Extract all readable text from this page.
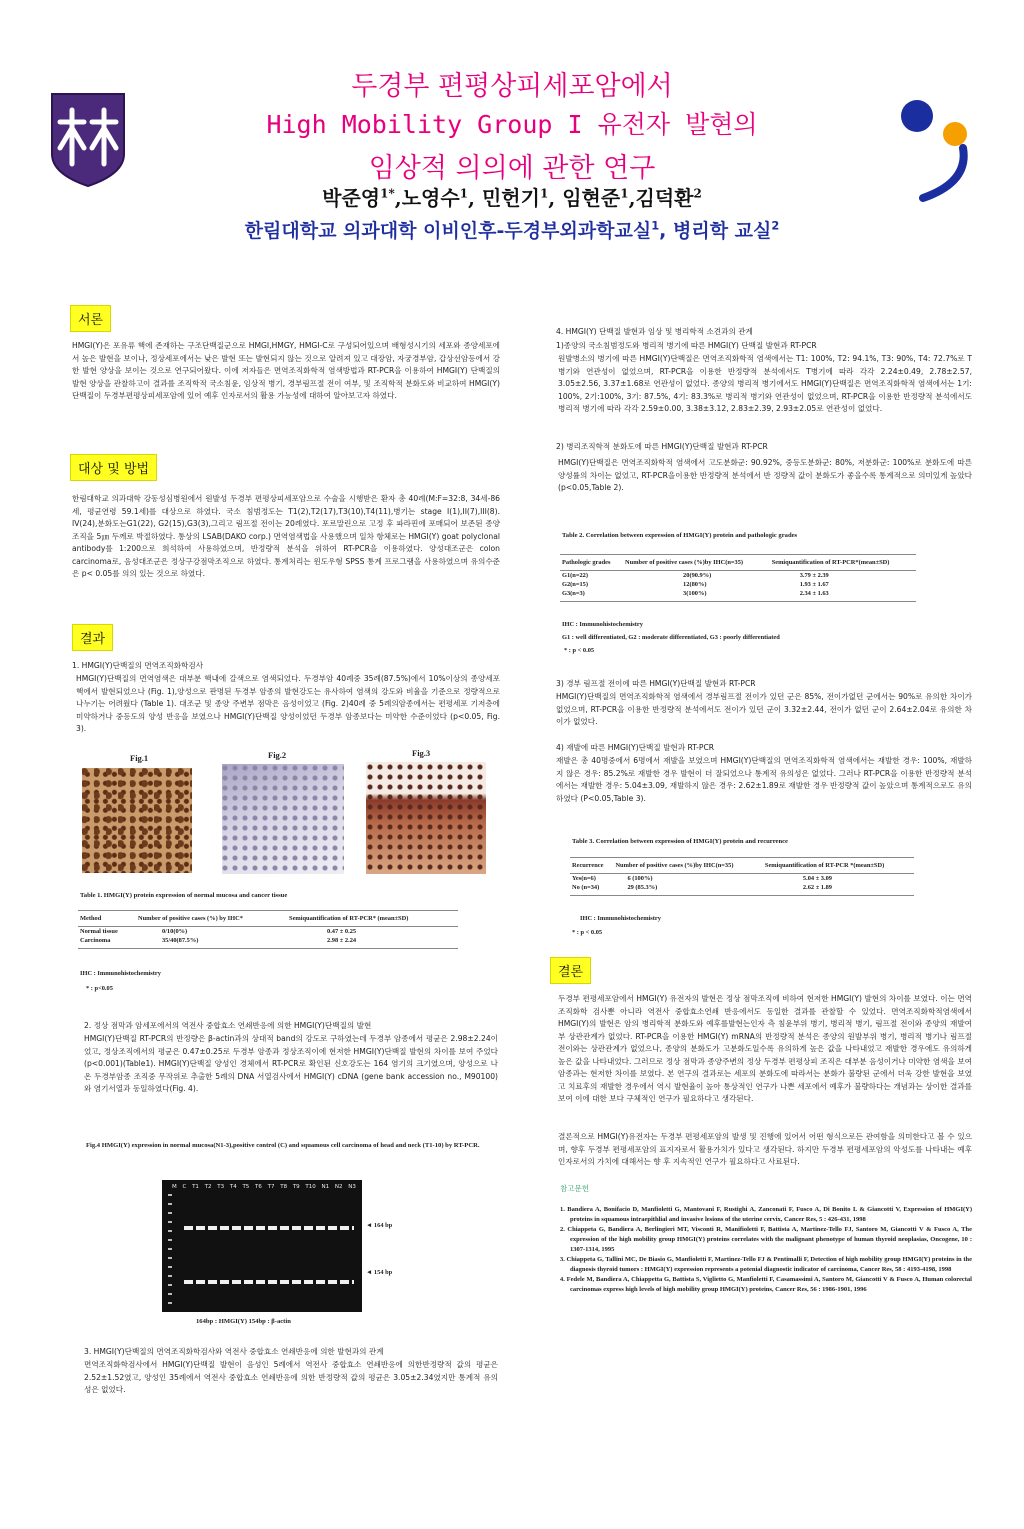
두경부 편평상피세포암에서
High Mobility Group I 유전자 발현의
임상적 의의에 관한 연구
박준영$^{1*}$,노영수$^1$, 민헌기$^1$, 임현준$^1$,김덕환$^2$
한림대학교 의과대학 이비인후-두경부외과학교실$^1$, 병리학 교실$^2$
서론
HMGI(Y)은 포유류 핵에 존재하는 구조단백질군으로 HMGI,HMGY, HMGI-C로 구성되어있으며 배형성시기의 세포와 종양세포에서 높은 발현을 보이나, 정상세포에서는 낮은 발현 또는 발현되지 않는 것으로 알려져 있고 대장암, 자궁경부암, 갑상선암등에서 강한 발현 양상을 보이는 것으로 연구되어왔다. 이에 저자들은 면역조직화학적 염색방법과 RT-PCR을 이용하여 HMGI(Y) 단백질의 발현 양상을 관찰하고이 결과를 조직학적 국소침윤, 임상적 병기, 경부림프절 전이 여부, 및 조직학적 분화도와 비교하여 HMGI(Y)단백질이 두경부편평상피세포암에 있어 예후 인자로서의 활용 가능성에 대하여 알아보고자 하였다.
대상 및 방법
한림대학교 의과대학 강동성심병원에서 원발성 두경부 편평상피세포암으로 수술을 시행받은 환자 총 40례(M:F=32:8, 34세-86세, 평균연령 59.1세)를 대상으로 하였다. 국소 침범정도는 T1(2),T2(17),T3(10),T4(11),병기는 stage I(1),II(7),III(8). IV(24),분화도는G1(22), G2(15),G3(3),그리고 림프절 전이는 20례였다. 포르말린으로 고정 후 파라핀에 포매되어 보존된 종양 조직을 5㎛ 두께로 박절하였다. 통상의 LSAB(DAKO corp.) 면역염색법을 사용했으며 일차 항체로는 HMGI(Y) goat polyclonal antibody를 1:200으로 희석하여 사용하였으며, 반정량적 분석을 위하여 RT-PCR을 이용하였다. 양성대조군은 colon carcinoma로, 음성대조군은 정상구강점막조직으로 하였다. 통계처리는 윈도우형 SPSS 통계 프로그램을 사용하였으며 유의수준은 p< 0.05를 의의 있는 것으로 하였다.
결과
1. HMGI(Y)단백질의 면역조직화학검사
HMGI(Y)단백질의 면역염색은 대부분 핵내에 갈색으로 염색되었다. 두경부암 40례중 35례(87.5%)에서 10%이상의 종양세포 핵에서 발현되었으나 (Fig. 1),양성으로 판명된 두경부 암종의 발현강도는 유사하여 염색의 강도와 비율을 기준으로 정량적으로 나누기는 어려웠다 (Table 1). 대조군 및 종양 주변부 점막은 음성이었고 (Fig. 2)40례 중 5례의암종에서는 편평세포 기저층에 미약하거나 중등도의 양성 반응을 보였으나 HMGI(Y)단백질 양성이었던 두경부 암종보다는 미약한 수준이었다 (p<0.05, Fig. 3).
Fig.1	Fig.2	Fig.3
Table 1. HMGI(Y) protein expression of normal mucosa and cancer tissue
Method	Number of positive cases (%) by IHC*	Semiquantification of RT-PCR* (mean±SD)
Normal tissue	0/10(0%)	0.47 ± 0.25
Carcinoma	35/40(87.5%)	2.98 ± 2.24
IHC : Immunohistochemistry
* : p<0.05
2. 정상 점막과 암세포에서의 역전사 중합효소 연쇄반응에 의한 HMGI(Y)단백질의 발현
HMGI(Y)단백질 RT-PCR의 반정량은 β-actin과의 상대적 band의 강도로 구하였는데 두경부 암종에서 평균은 2.98±2.24이었고, 정상조직에서의 평균은 0.47±0.25로 두경부 암종과 정상조직이에 현저한 HMGI(Y)단백질 발현의 차이를 보여 주었다 (p<0.001)(Table1). HMGI(Y)단백질 양성인 경체에서 RT-PCR로 확인된 신호강도는 164 염기의 크기였으며, 양성으로 나온 두경부암종 조직중 무작위로 추출한 5례의 DNA 서열검사에서 HMGI(Y) cDNA (gene bank accession no., M90100)와 염기서열과 동일하였다(Fig. 4).
Fig.4 HMGI(Y) expression in normal mucosa(N1-3),positive control (C) and squamous cell carcinoma of head and neck (T1-10) by RT-PCR.
M C T1 T2 T3 T4 T5 T6 T7 T8 T9 T10 N1 N2 N3
◄ 164 bp
◄ 154 bp
164bp : HMGI(Y) 154bp : β-actin
3. HMGI(Y)단백질의 면역조직화학검사와 역전사 중합효소 연쇄반응에 의한 발현과의 관계
면역조직화학검사에서 HMGI(Y)단백질 발현이 음성인 5례에서 역전사 중합효소 연쇄반응에 의한반정량적 값의 평균은 2.52±1.52였고, 양성인 35례에서 역전사 중합효소 연쇄반응에 의한 반정량적 값의 평균은 3.05±2.34였지만 통계적 유의성은 없었다.
4. HMGI(Y) 단백질 발현과 임상 및 병리학적 소견과의 관계
1)종양의 국소침범정도와 병리적 병기에 따른 HMGI(Y) 단백질 발현과 RT-PCR
원발병소의 병기에 따른 HMGI(Y)단백질은 면역조직화학적 염색에서는 T1: 100%, T2: 94.1%, T3: 90%, T4: 72.7%로 T병기와 연관성이 없었으며, RT-PCR을 이용한 반정량적 분석에서도 T병기에 따라 각각 2.24±0.49, 2.78±2.57, 3.05±2.56, 3.37±1.68로 연관성이 없었다. 종양의 병리적 병기에서도 HMGI(Y)단백질은 면역조직화학적 염색에서는 1기: 100%, 2기:100%, 3기: 87.5%, 4기: 83.3%로 병리적 병기와 연관성이 없었으며, RT-PCR을 이용한 반정량적 분석에서도 병리적 병기에 따라 각각 2.59±0.00, 3.38±3.12, 2.83±2.39, 2.93±2.05로 연관성이 없었다.
2) 병리조직학적 분화도에 따른 HMGI(Y)단백질 발현과 RT-PCR
HMGI(Y)단백질은 면역조직화학적 염색에서 고도분화군: 90.92%, 중등도분화군: 80%, 저분화군: 100%로 분화도에 따른 양성률의 차이는 없었고, RT-PCR을이용한 반정량적 분석에서 반 정량적 값이 분화도가 좋을수록 통계적으로 의미있게 높았다 (p<0.05,Table 2).
Table 2. Correlation between expression of HMGI(Y) protein and pathologic grades
Pathologic grades	Number of positive cases (%)by IHC(n=35)	Semiquantification of RT-PCR*(mean±SD)
G1(n=22)	20(90.9%)	3.79 ± 2.39
G2(n=15)	12(80%)	1.93 ± 1.67
G3(n=3)	3(100%)	2.34 ± 1.63
IHC : Immunohistochemistry
G1 : well differentiated, G2 : moderate differentiated, G3 : poorly differentiated
* : p < 0.05
3) 경부 림프절 전이에 따른 HMGI(Y)단백질 발현과 RT-PCR
HMGI(Y)단백질의 면역조직화학적 염색에서 경부림프절 전이가 있던 군은 85%, 전이가없던 군에서는 90%로 유의한 차이가 없었으며, RT-PCR을 이용한 반정량적 분석에서도 전이가 있던 군이 3.32±2.44, 전이가 없던 군이 2.64±2.04로 유의한 차이가 없었다.
4) 재발에 따른 HMGI(Y)단백질 발현과 RT-PCR
재발은 총 40명중에서 6명에서 재발을 보였으며 HMGI(Y)단백질의 면역조직화학적 염색에서는 재발한 경우: 100%, 재발하지 않은 경우: 85.2%로 재발한 경우 발현이 더 잘되었으나 통계적 유의성은 없었다. 그러나 RT-PCR을 이용한 반정량적 분석에서는 재발한 경우: 5.04±3.09, 재발하지 않은 경우: 2.62±1.89로 재발한 경우 반정량적 값이 높았으며 통계적으로도 유의하였다 (P<0.05,Table 3).
Table 3. Correlation between expression of HMGI(Y) protein and recurrence
Recurrence	Number of positive cases (%)by IHC(n=35)	Semiquantification of RT-PCR *(mean±SD)
Yes(n=6)	6 (100%)	5.04 ± 3.09
No (n=34)	29 (85.3%)	2.62 ± 1.89
IHC : Immunohistochemistry
* : p < 0.05
결론
두경부 편평세포암에서 HMGI(Y) 유전자의 발현은 정상 점막조직에 비하여 현저한 HMGI(Y) 발현의 차이를 보였다. 이는 면역조직화학 검사뿐 아니라 역전사 중합효소연쇄 반응에서도 동일한 결과를 관찰할 수 있었다. 면역조직화학적염색에서 HMGI(Y)의 발현은 암의 병리학적 분화도와 예후를발현는인자 측 침윤부위 병기, 병리적 병기, 림프절 전이와 종양의 재발여부 상관관계가 없었다. RT-PCR을 이용한 HMGI(Y) mRNA의 반정량적 분석은 종양의 원발부위 병기, 병리적 병기나 림프절 전이와는 상관관계가 없었으나, 종양의 분화도가 고분화도일수록 유의하게 높은 값을 나타내었고 재발한 경우에도 유의하게 높은 값을 나타내었다. 그러므로 정상 점막과 종양주변의 정상 두경부 편평상피 조직은 대부분 음성이거나 미약한 염색을 보여 암종과는 현저한 차이를 보였다. 본 연구의 결과로는 세포의 분화도에 따라서는 분화가 불량된 군에서 더욱 강한 발현을 보였고 치료후의 재발한 경우에서 역시 발현율이 높아 통상적인 연구가 나쁜 세포에서 예후가 불량하다는 개념과는 상이한 결과를 보여 이에 대한 보다 구체적인 연구가 필요하다고 생각된다.
결론적으로 HMGI(Y)유전자는 두경부 편평세포암의 발생 및 진행에 있어서 어떤 형식으로든 관여함을 의미한다고 볼 수 있으며, 향후 두경부 편평세포암의 표지자로서 활용가치가 있다고 생각된다. 하지만 두경부 편평세포암의 악성도를 나타내는 예후인자로서의 가치에 대해서는 향 후 지속적인 연구가 필요하다고 사료된다.
참고문헌

1. Bandiera A, Bonifacio D, Manfioletti G, Mantovani F, Rustighi A, Zanconati F, Fusco A, Di Bonito L & Giancotti V, Expression of HMGI(Y) proteins in squamous intraepithlial and invasive lesions of the uterine cervix, Cancer Res, 5 : 426-431, 1998

2. Chiappeta G, Bandiera A, Berlingieri MT, Visconti R, Manifioletti F, Battista A, Martinez-Tello FJ, Santoro M, Giancotti V & Fusco A, The expression of the high mobility group HMGI(Y) proteins correlates with the malignant phenotype of human thyroid neoplasias, Oncogene, 10 : 1307-1314, 1995

3. Chiappeta G, Tallini MC, De Biasio G, Manfioletti F, Martinez-Tello FJ & Pentimalli F, Detection of high mobility group HMGI(Y) proteins in the diagnosis thyroid tumors : HMGI(Y) expression represents a potenial diagnostic indicator of carcinoma, Cancer Res, 58 : 4193-4198, 1998

4. Fedele M, Bandiera A, Chiappetta G, Battista S, Viglietto G, Manfioletti F, Casamassimi A, Santoro M, Giancotti V & Fusco A, Human colorectal carcinomas express high levels of high mobility group HMGI(Y) proteins, Cancer Res, 56 : 1986-1901, 1996
